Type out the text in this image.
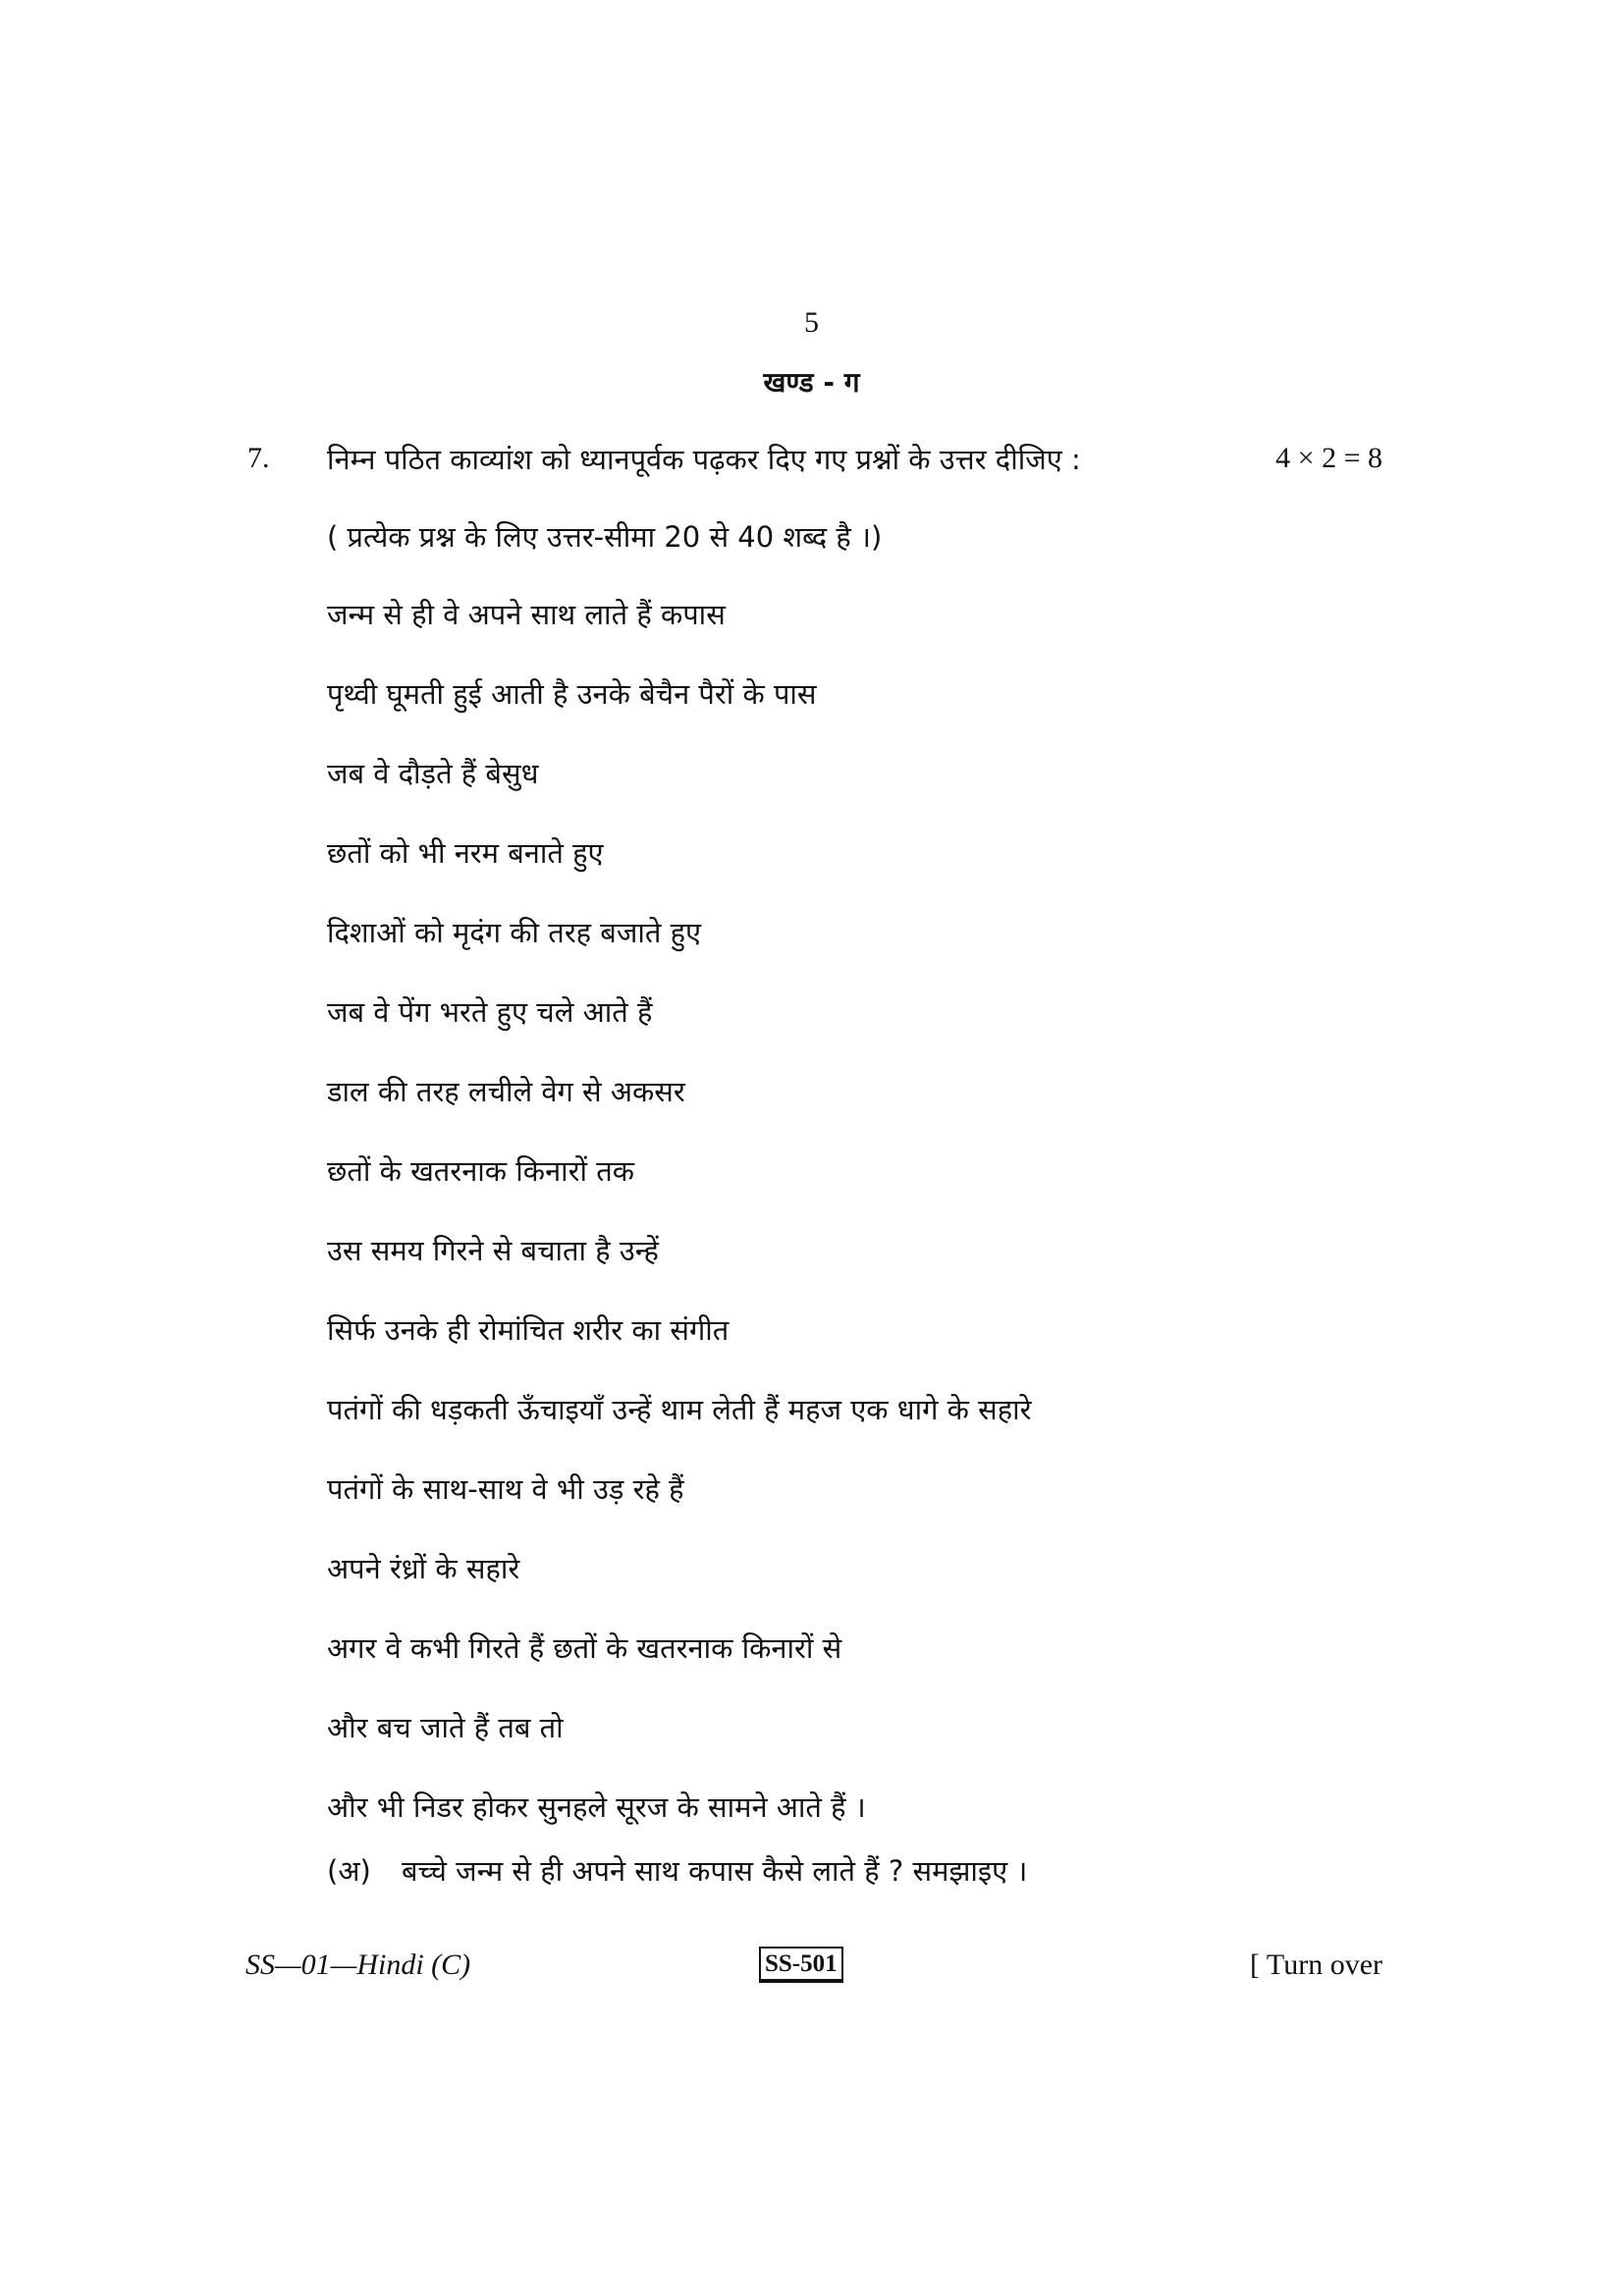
5
खण्ड - ग
7. निम्न पठित काव्यांश को ध्यानपूर्वक पढ़कर दिए गए प्रश्नों के उत्तर दीजिए :	4 × 2 = 8
( प्रत्येक प्रश्न के लिए उत्तर-सीमा 20 से 40 शब्द है ।)
जन्म से ही वे अपने साथ लाते हैं कपास
पृथ्वी घूमती हुई आती है उनके बेचैन पैरों के पास
जब वे दौड़ते हैं बेसुध
छतों को भी नरम बनाते हुए
दिशाओं को मृदंग की तरह बजाते हुए
जब वे पेंग भरते हुए चले आते हैं
डाल की तरह लचीले वेग से अकसर
छतों के खतरनाक किनारों तक
उस समय गिरने से बचाता है उन्हें
सिर्फ उनके ही रोमांचित शरीर का संगीत
पतंगों की धड़कती ऊँचाइयाँ उन्हें थाम लेती हैं महज एक धागे के सहारे
पतंगों के साथ-साथ वे भी उड़ रहे हैं
अपने रंध्रों के सहारे
अगर वे कभी गिरते हैं छतों के खतरनाक किनारों से
और बच जाते हैं तब तो
और भी निडर होकर सुनहले सूरज के सामने आते हैं ।
(अ) बच्चे जन्म से ही अपने साथ कपास कैसे लाते हैं ? समझाइए ।
SS—01—Hindi (C)	SS-501	[ Turn over
